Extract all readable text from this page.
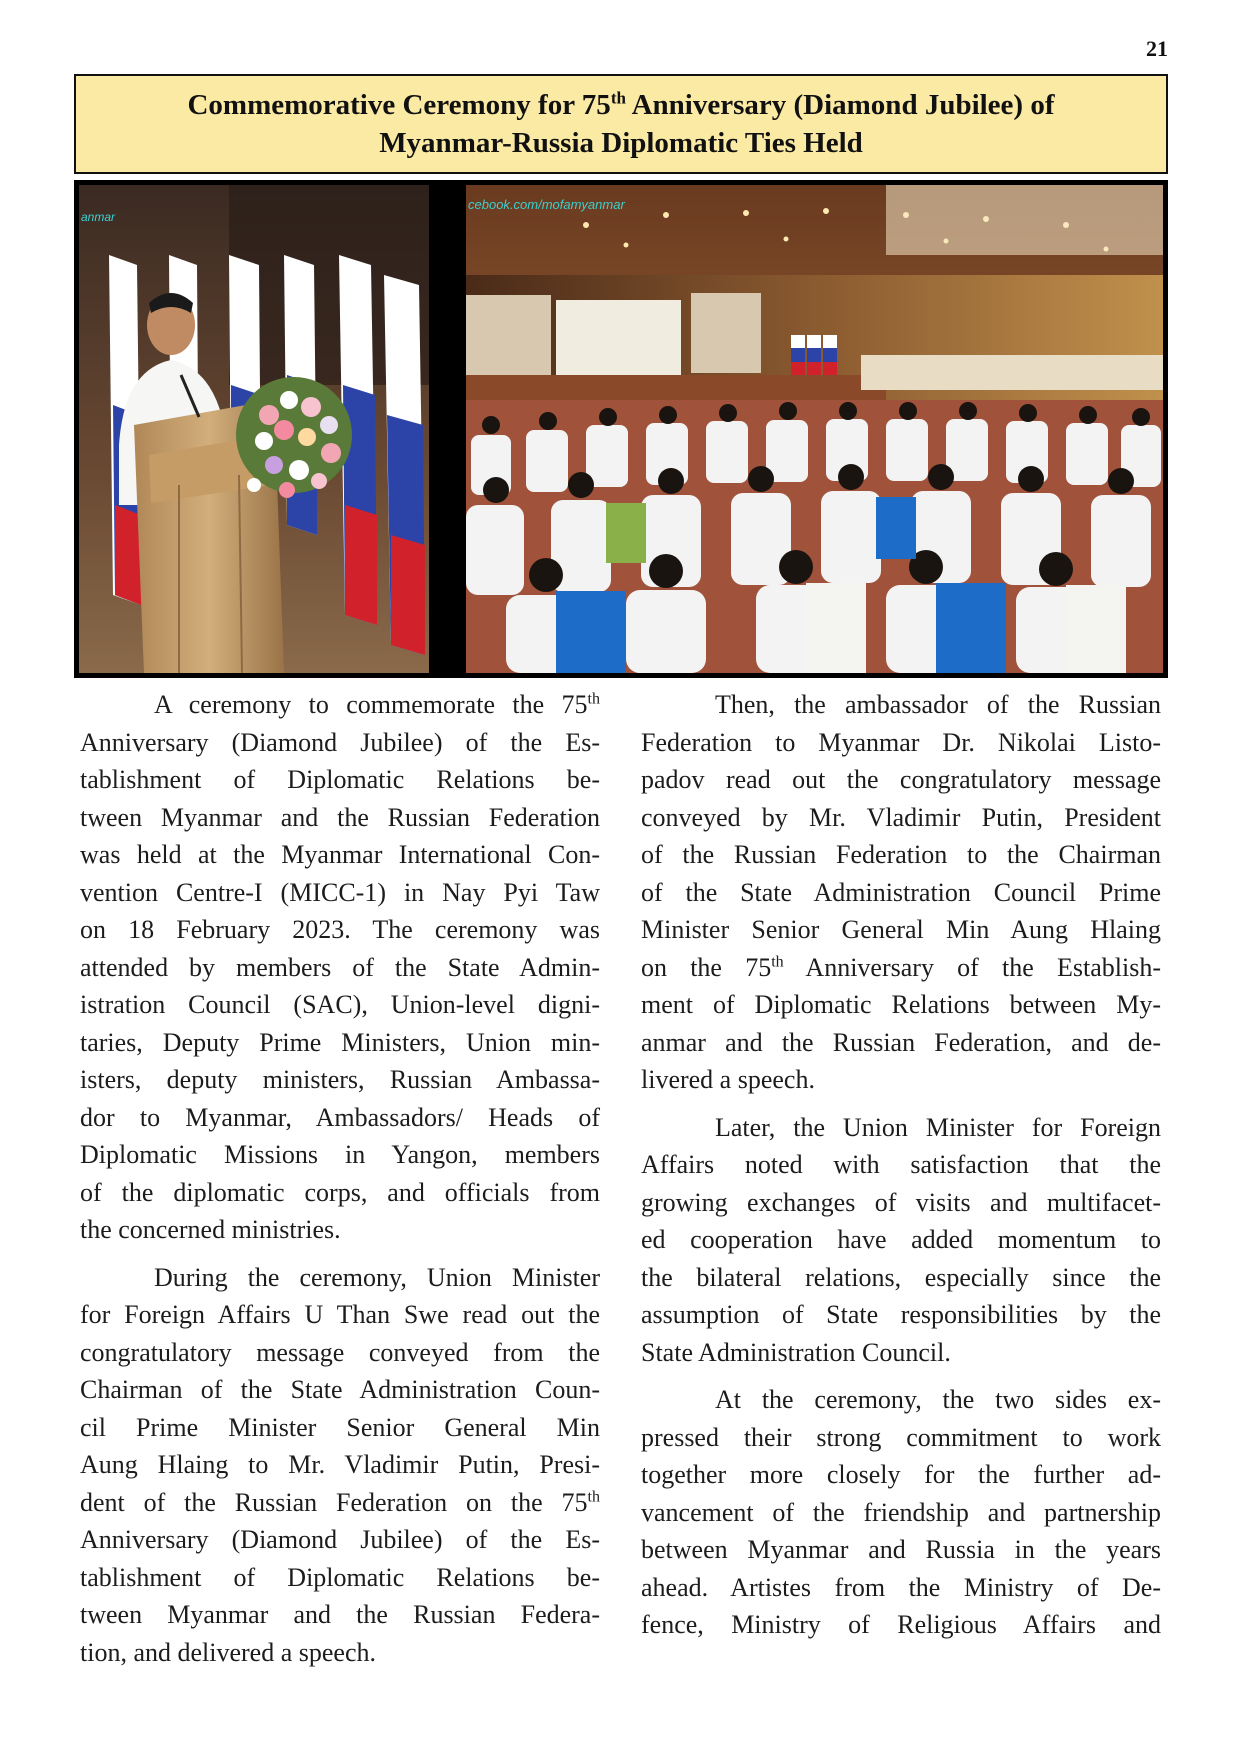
21
Commemorative Ceremony for 75th Anniversary (Diamond Jubilee) of
Myanmar-Russia Diplomatic Ties Held
anmar
cebook.com/mofamyanmar
A ceremony to commemorate the 75th
Anniversary (Diamond Jubilee) of the Es-
tablishment of Diplomatic Relations be-
tween Myanmar and the Russian Federation
was held at the Myanmar International Con-
vention Centre-I (MICC-1) in Nay Pyi Taw
on 18 February 2023. The ceremony was
attended by members of the State Admin-
istration Council (SAC), Union-level digni-
taries, Deputy Prime Ministers, Union min-
isters, deputy ministers, Russian Ambassa-
dor to Myanmar, Ambassadors/ Heads of
Diplomatic Missions in Yangon, members
of the diplomatic corps, and officials from
the concerned ministries.
During the ceremony, Union Minister
for Foreign Affairs U Than Swe read out the
congratulatory message conveyed from the
Chairman of the State Administration Coun-
cil Prime Minister Senior General Min
Aung Hlaing to Mr. Vladimir Putin, Presi-
dent of the Russian Federation on the 75th
Anniversary (Diamond Jubilee) of the Es-
tablishment of Diplomatic Relations be-
tween Myanmar and the Russian Federa-
tion, and delivered a speech.
Then, the ambassador of the Russian
Federation to Myanmar Dr. Nikolai Listo-
padov read out the congratulatory message
conveyed by Mr. Vladimir Putin, President
of the Russian Federation to the Chairman
of the State Administration Council Prime
Minister Senior General Min Aung Hlaing
on the 75th Anniversary of the Establish-
ment of Diplomatic Relations between My-
anmar and the Russian Federation, and de-
livered a speech.
Later, the Union Minister for Foreign
Affairs noted with satisfaction that the
growing exchanges of visits and multifacet-
ed cooperation have added momentum to
the bilateral relations, especially since the
assumption of State responsibilities by the
State Administration Council.
At the ceremony, the two sides ex-
pressed their strong commitment to work
together more closely for the further ad-
vancement of the friendship and partnership
between Myanmar and Russia in the years
ahead. Artistes from the Ministry of De-
fence, Ministry of Religious Affairs and
